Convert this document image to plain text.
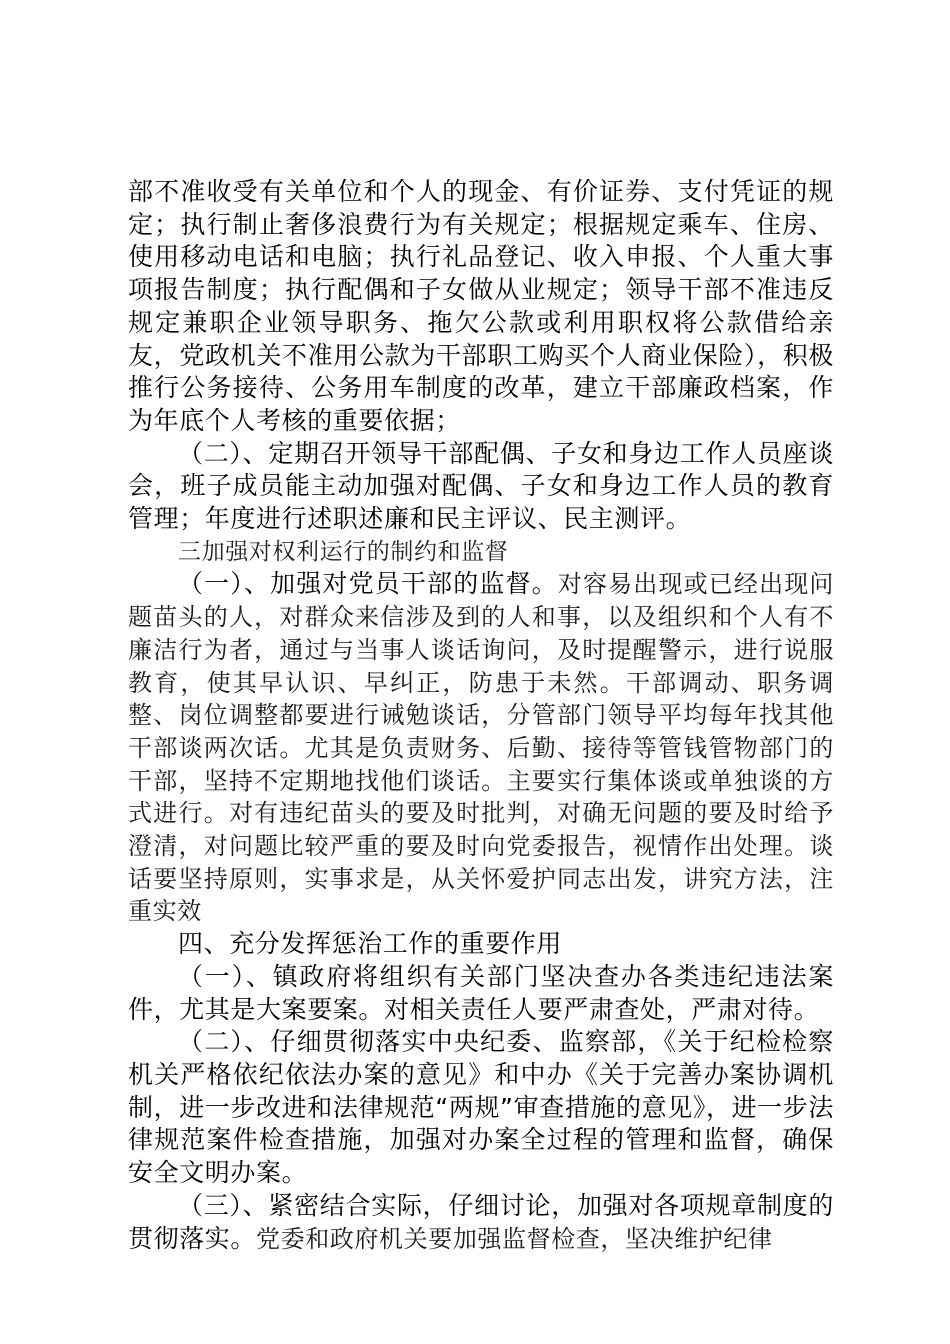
部不准收受有关单位和个人的现金、有价证券、支付凭证的规定；执行制止奢侈浪费行为有关规定；根据规定乘车、住房、使用移动电话和电脑；执行礼品登记、收入申报、个人重大事项报告制度；执行配偶和子女做从业规定；领导干部不准违反规定兼职企业领导职务、拖欠公款或利用职权将公款借给亲友，党政机关不准用公款为干部职工购买个人商业保险），积极推行公务接待、公务用车制度的改革，建立干部廉政档案，作为年底个人考核的重要依据；

（二）、定期召开领导干部配偶、子女和身边工作人员座谈会，班子成员能主动加强对配偶、子女和身边工作人员的教育管理；年度进行述职述廉和民主评议、民主测评。

三加强对权利运行的制约和监督

（一）、加强对党员干部的监督。对容易出现或已经出现问题苗头的人，对群众来信涉及到的人和事，以及组织和个人有不廉洁行为者，通过与当事人谈话询问，及时提醒警示，进行说服教育，使其早认识、早纠正，防患于未然。干部调动、职务调整、岗位调整都要进行诫勉谈话，分管部门领导平均每年找其他干部谈两次话。尤其是负责财务、后勤、接待等管钱管物部门的干部，坚持不定期地找他们谈话。主要实行集体谈或单独谈的方式进行。对有违纪苗头的要及时批判，对确无问题的要及时给予澄清，对问题比较严重的要及时向党委报告，视情作出处理。谈话要坚持原则，实事求是，从关怀爱护同志出发，讲究方法，注重实效

四、充分发挥惩治工作的重要作用

（一）、镇政府将组织有关部门坚决查办各类违纪违法案件，尤其是大案要案。对相关责任人要严肃查处，严肃对待。

（二）、仔细贯彻落实中央纪委、监察部，《关于纪检检察机关严格依纪依法办案的意见》和中办《关于完善办案协调机制，进一步改进和法律规范“两规”审查措施的意见》，进一步法律规范案件检查措施，加强对办案全过程的管理和监督，确保安全文明办案。

（三）、紧密结合实际，仔细讨论，加强对各项规章制度的贯彻落实。党委和政府机关要加强监督检查，坚决维护纪律
